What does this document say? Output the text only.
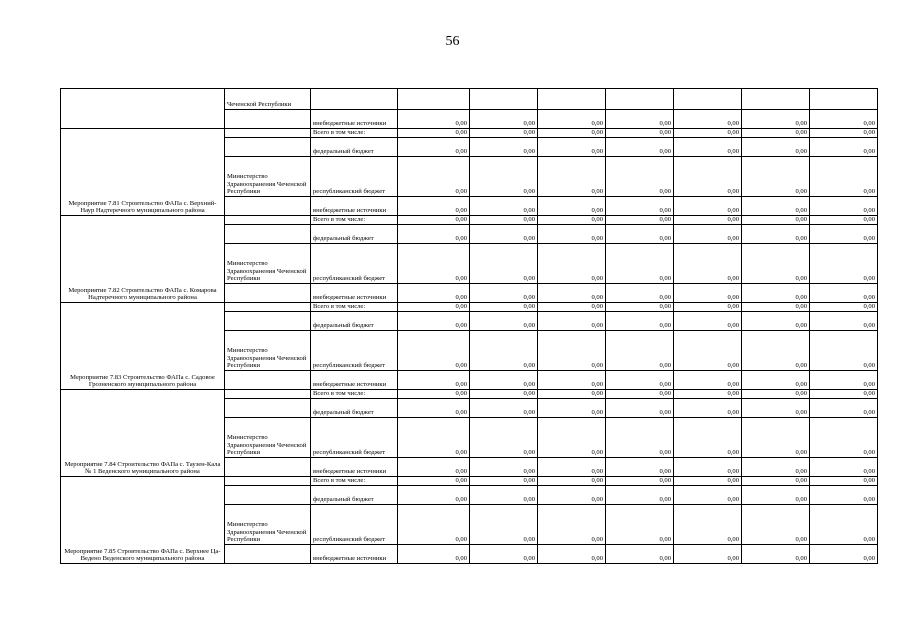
56
	Чеченской Республики								
		внебюджетные источники	0,00	0,00	0,00	0,00	0,00	0,00	0,00
Мероприятие 7.81 Строительство ФАПа с. Верхний-Наур Надтеречного муниципального района		Всего в том числе:	0,00	0,00	0,00	0,00	0,00	0,00	0,00
		федеральный бюджет	0,00	0,00	0,00	0,00	0,00	0,00	0,00
	Министерство Здравоохранения Чеченской Республики	республиканский бюджет	0,00	0,00	0,00	0,00	0,00	0,00	0,00
		внебюджетные источники	0,00	0,00	0,00	0,00	0,00	0,00	0,00
Мероприятие 7.82 Строительство ФАПа с. Комарова Надтеречного муниципального района		Всего в том числе:	0,00	0,00	0,00	0,00	0,00	0,00	0,00
		федеральный бюджет	0,00	0,00	0,00	0,00	0,00	0,00	0,00
	Министерство Здравоохранения Чеченской Республики	республиканский бюджет	0,00	0,00	0,00	0,00	0,00	0,00	0,00
		внебюджетные источники	0,00	0,00	0,00	0,00	0,00	0,00	0,00
Мероприятие 7.83 Строительство ФАПа с. Садовое Грозненского муниципального района		Всего в том числе:	0,00	0,00	0,00	0,00	0,00	0,00	0,00
		федеральный бюджет	0,00	0,00	0,00	0,00	0,00	0,00	0,00
	Министерство Здравоохранения Чеченской Республики	республиканский бюджет	0,00	0,00	0,00	0,00	0,00	0,00	0,00
		внебюджетные источники	0,00	0,00	0,00	0,00	0,00	0,00	0,00
Мероприятие 7.84 Строительство ФАПа с. Таузен-Кала № 1 Веденского муниципального района		Всего в том числе:	0,00	0,00	0,00	0,00	0,00	0,00	0,00
		федеральный бюджет	0,00	0,00	0,00	0,00	0,00	0,00	0,00
	Министерство Здравоохранения Чеченской Республики	республиканский бюджет	0,00	0,00	0,00	0,00	0,00	0,00	0,00
		внебюджетные источники	0,00	0,00	0,00	0,00	0,00	0,00	0,00
Мероприятие 7.85 Строительство ФАПа с. Верхнее Ца-Ведено Веденского муниципального района		Всего в том числе:	0,00	0,00	0,00	0,00	0,00	0,00	0,00
		федеральный бюджет	0,00	0,00	0,00	0,00	0,00	0,00	0,00
	Министерство Здравоохранения Чеченской Республики	республиканский бюджет	0,00	0,00	0,00	0,00	0,00	0,00	0,00
		внебюджетные источники	0,00	0,00	0,00	0,00	0,00	0,00	0,00
